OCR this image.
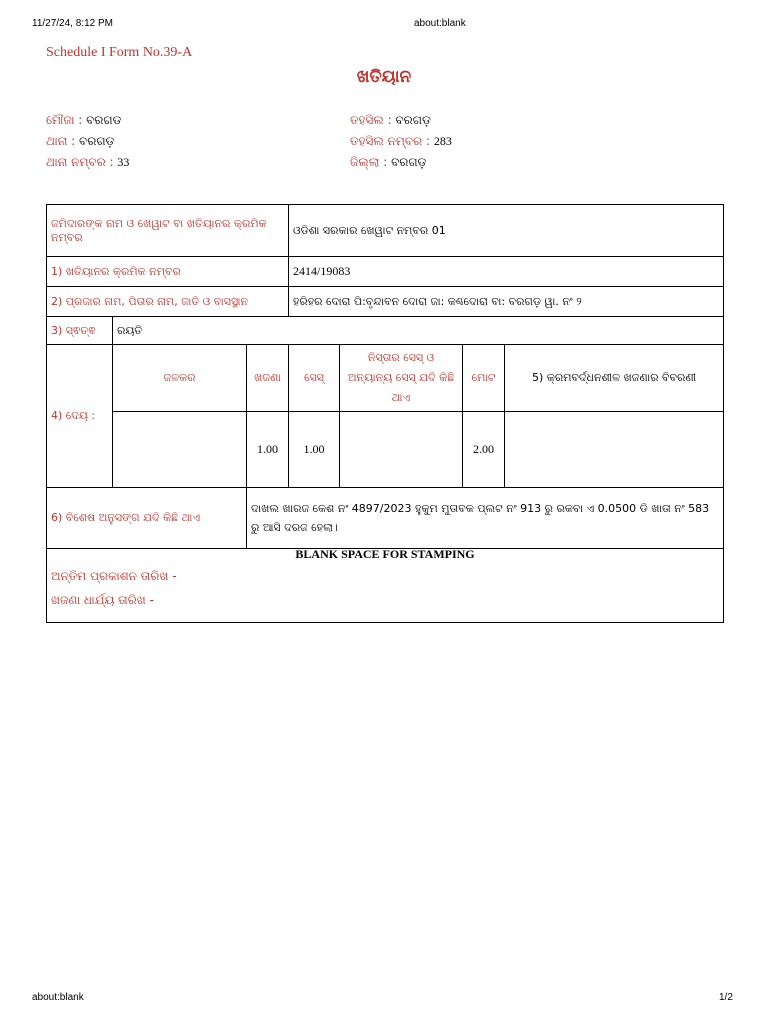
11/27/24, 8:12 PM	about:blank
Schedule I Form No.39-A
ଖତିୟାନ
ମୌଜା : ବରଗଡ
ଥାନା : ବରଗଡ଼
ଥାନା ନମ୍ବର : 33
ତହସିଲ : ବରଗଡ଼
ତହସିଲ ନମ୍ବର : 283
ଜିଲ୍ଲା : ବରଗଡ଼
ଜମିଦାରଙ୍କ ନାମ ଓ ଖେୱାଟ ବା ଖତିୟାନର କ୍ରମିକ ନମ୍ବର			ଓଡିଶା ସରକାର ଖେୱାଟ ନମ୍ବର 01			
1) ଖତିୟାନର କ୍ରମିକ ନମ୍ବର			2414/19083			
2) ପ୍ରଜାର ନାମ, ପିତାର ନାମ, ଜାତି ଓ ବାସସ୍ଥାନ			ହରିହର ଦୋରା ପି:ବୃନ୍ଦାବନ ଦୋରା ଜା: କଣ୍ଢଦୋରା ବା: ବରଗଡ଼ ୱା. ନଂ ୨			
3) ସ୍ଵତ୍ଵ	ରୟତି					
4) ଦେୟ :	ଜଳକର	ଖଜଣା	ସେସ୍	ନିସ୍ତାର ସେସ୍ ଓ ଅନ୍ୟାନ୍ୟ ସେସ୍ ଯଦି କିଛି ଥାଏ	ମୋଟ	5) କ୍ରମବର୍ଦ୍ଧନଶୀଳ ଖଜଣାର ବିବରଣୀ
		1.00	1.00		2.00	
6) ବିଶେଷ ଅନୁସଙ୍ଗ ଯଦି କିଛି ଥାଏ		ଦାଖଲ ଖାରଜ କେଶ ନଂ 4897/2023 ହୁକୁମ ମୁତାବକ ପ୍ଲଟ ନଂ 913 ରୁ ରକବା ଏ 0.0500 ଡି ଖାତା ନଂ 583 ରୁ ଆସି ଦରଜ ହେଲା।				

BLANK SPACE FOR STAMPING
ଅନ୍ତିମ ପ୍ରକାଶନ ତାରିଖ -
ଖଜଣା ଧାର୍ଯ୍ୟ ତାରିଖ -						
about:blank	1/2
